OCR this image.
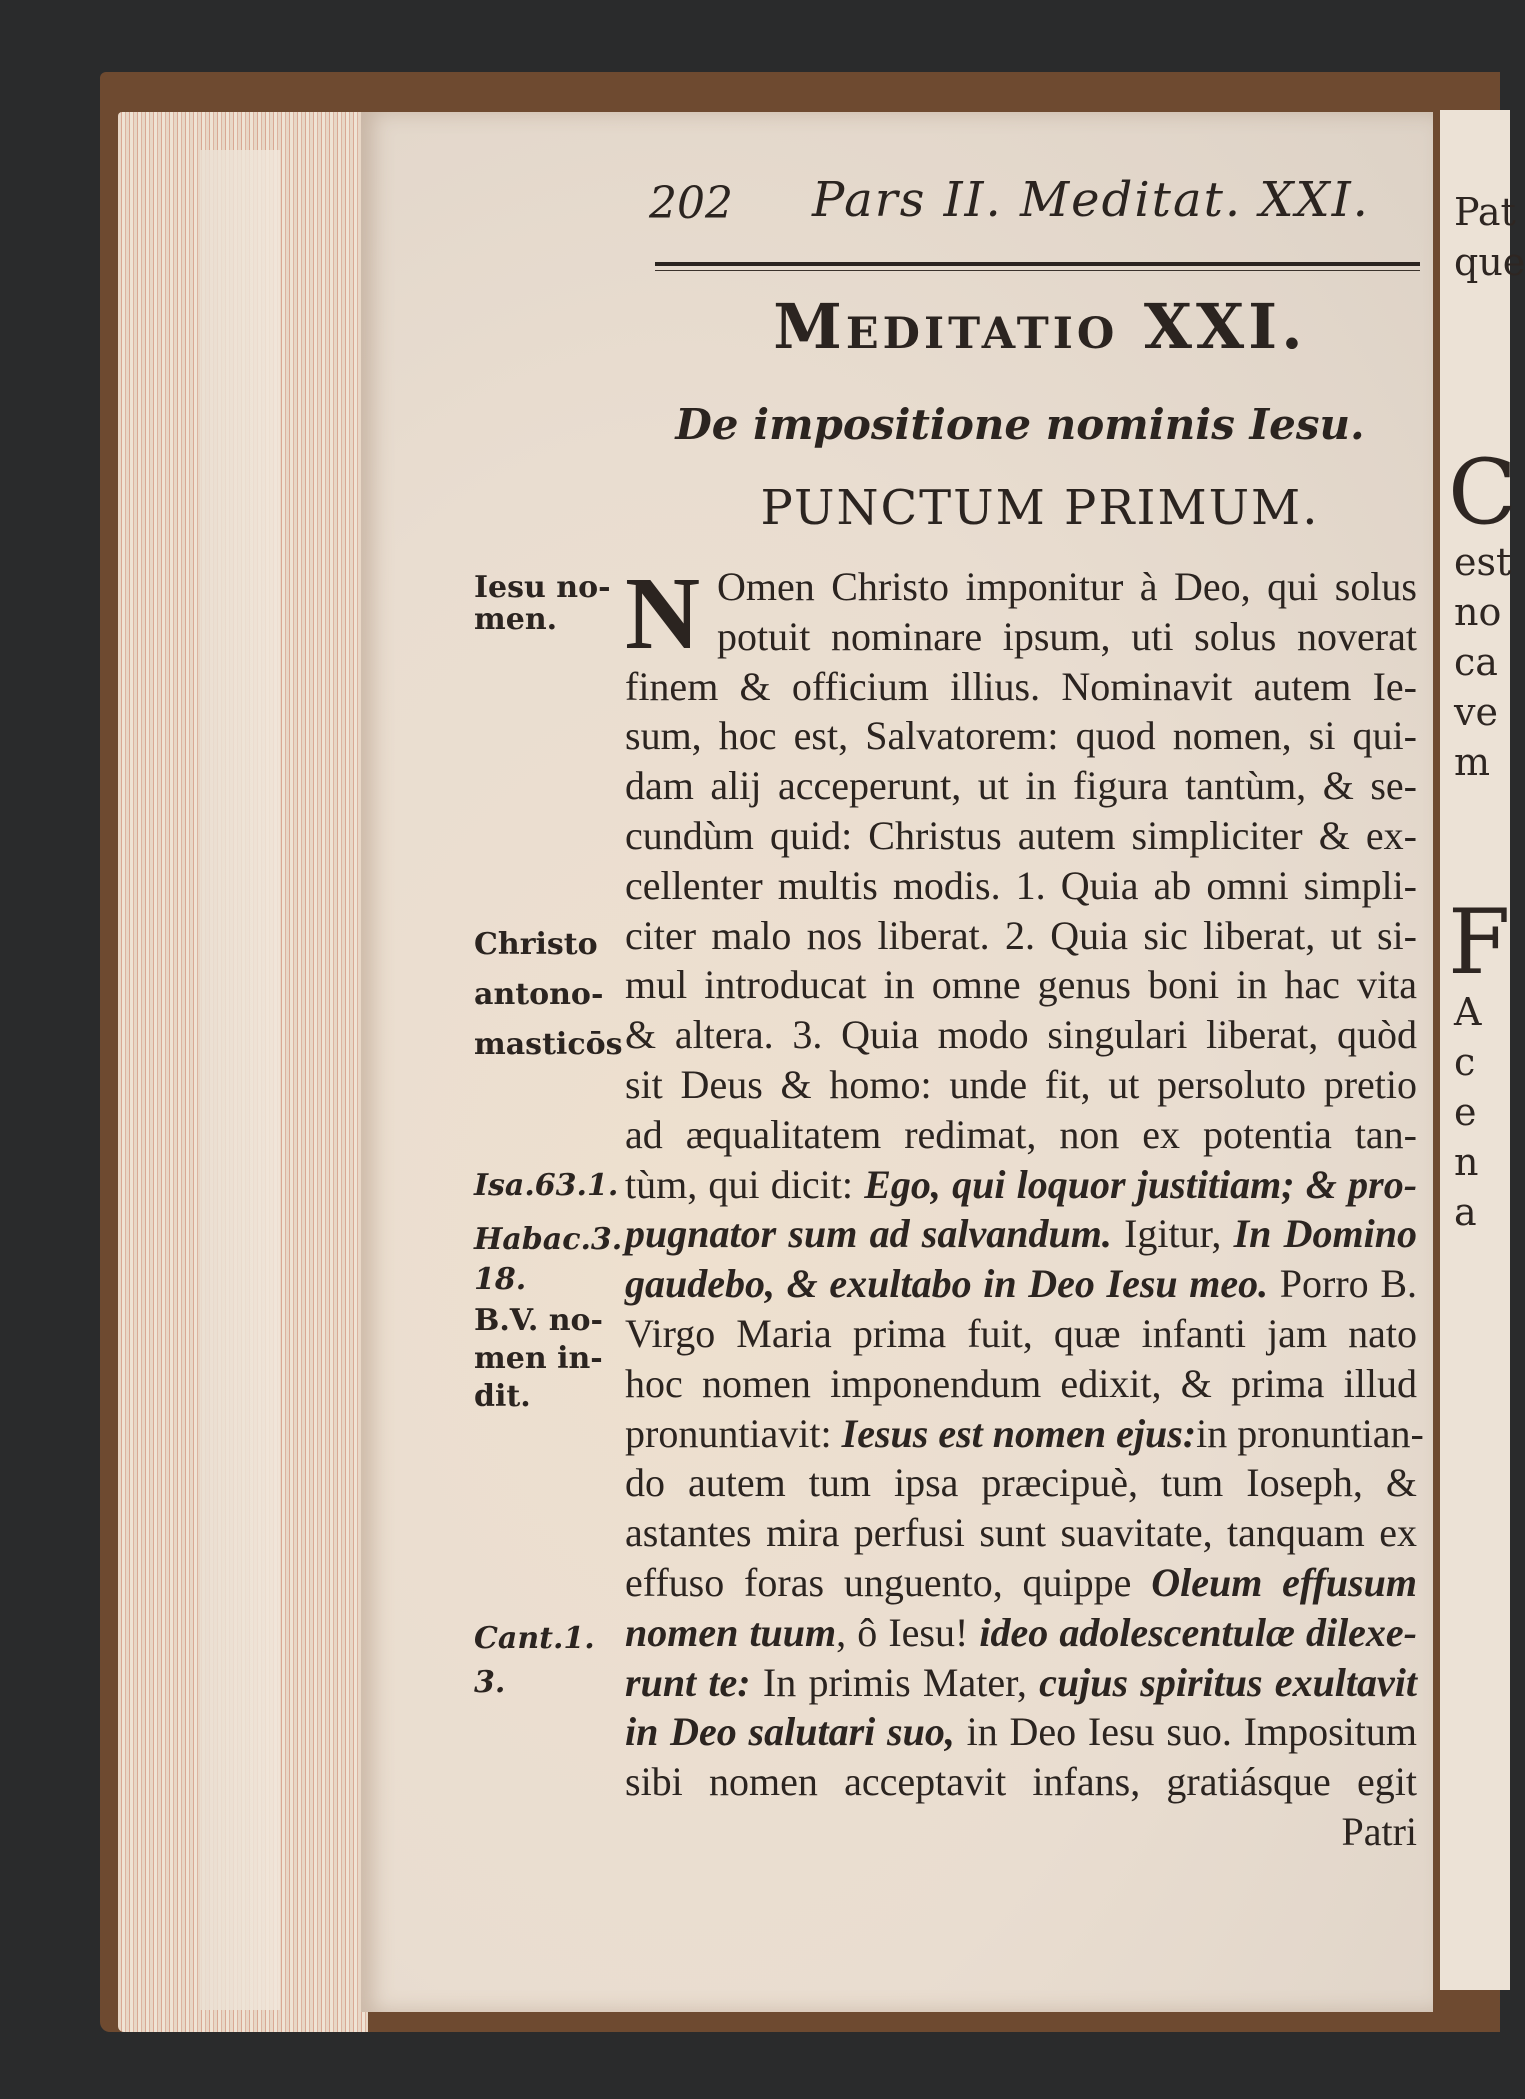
Pat
que
C
est
no
ca
ve
m
F
A
c
e
n
a
202 Pars II. Meditat. XXI.
Meditatio XXI.
De impositione nominis Iesu.
PUNCTUM PRIMUM.
Iesu no-
men.
Christo
antono-
masticōs
Isa.63.1.
Habac.3.
18.
B.V. no-
men in-
dit.
Cant.1.
3.
N Omen Christo imponitur à Deo, qui solus
potuit nominare ipsum, uti solus noverat
finem & officium illius. Nominavit autem Ie-
sum, hoc est, Salvatorem: quod nomen, si qui-
dam alij acceperunt, ut in figura tantùm, & se-
cundùm quid: Christus autem simpliciter & ex-
cellenter multis modis. 1. Quia ab omni simpli-
citer malo nos liberat. 2. Quia sic liberat, ut si-
mul introducat in omne genus boni in hac vita
& altera. 3. Quia modo singulari liberat, quòd
sit Deus & homo: unde fit, ut persoluto pretio
ad æqualitatem redimat, non ex potentia tan-
tùm, qui dicit: Ego, qui loquor justitiam; & pro-
pugnator sum ad salvandum. Igitur, In Domino
gaudebo, & exultabo in Deo Iesu meo. Porro B.
Virgo Maria prima fuit, quæ infanti jam nato
hoc nomen imponendum edixit, & prima illud
pronuntiavit: Iesus est nomen ejus:in pronuntian-
do autem tum ipsa præcipuè, tum Ioseph, &
astantes mira perfusi sunt suavitate, tanquam ex
effuso foras unguento, quippe Oleum effusum
nomen tuum, ô Iesu! ideo adolescentulæ dilexe-
runt te: In primis Mater, cujus spiritus exultavit
in Deo salutari suo, in Deo Iesu suo. Impositum
sibi nomen acceptavit infans, gratiásque egit
Patri
